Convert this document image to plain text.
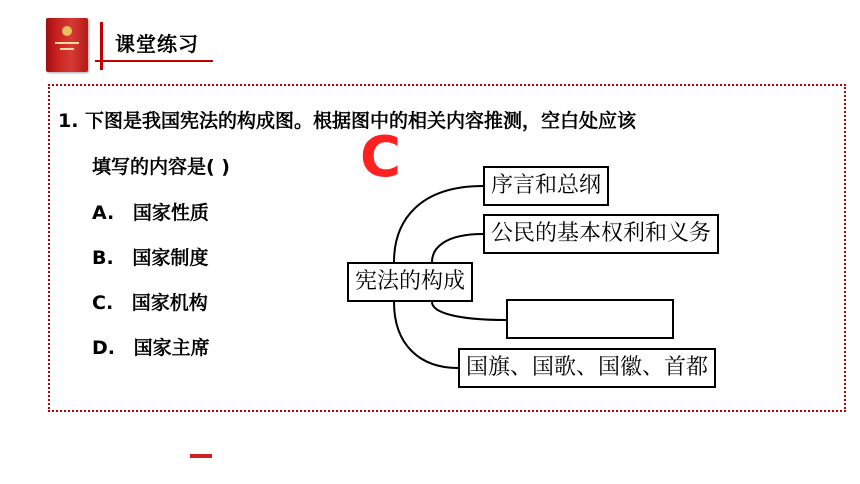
课堂练习
1. 下图是我国宪法的构成图。根据图中的相关内容推测，空白处应该
填写的内容是( )
A. 国家性质
B. 国家制度
C. 国家机构
D. 国家主席
C
宪法的构成
序言和总纲
公民的基本权利和义务
国旗、国歌、国徽、首都
